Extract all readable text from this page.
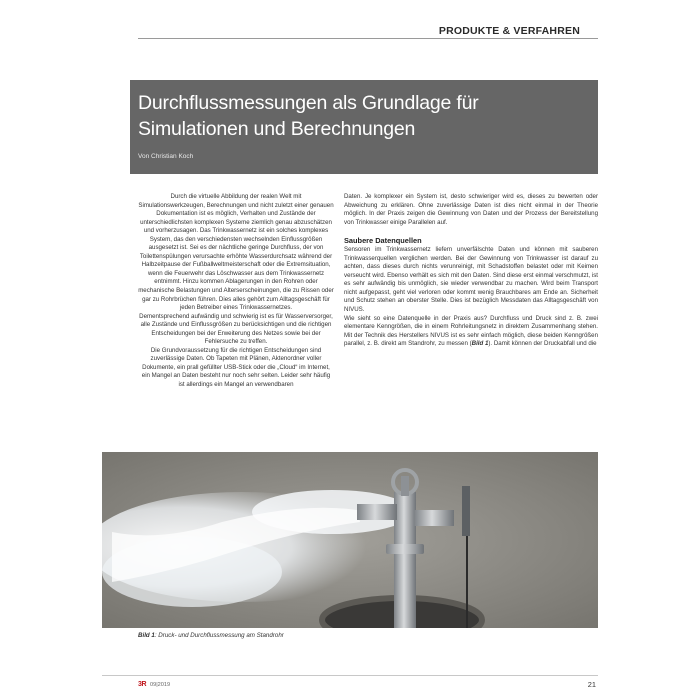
PRODUKTE & VERFAHREN
Durchflussmessungen als Grundlage für Simulationen und Berechnungen
Von Christian Koch

Durch die virtuelle Abbildung der realen Welt mit Simulationswerkzeugen, Berechnungen und nicht zuletzt einer genauen Dokumentation ist es möglich, Verhalten und Zustände der unterschiedlichsten komplexen Systeme ziemlich genau abzuschätzen und vorherzusagen. Das Trinkwassernetz ist ein solches komplexes System, das den verschiedensten wechselnden Einflussgrößen ausgesetzt ist. Sei es der nächtliche geringe Durchfluss, der von Toilettenspülungen verursachte erhöhte Wasserdurchsatz während der Halbzeitpause der Fußballweltmeisterschaft oder die Extremsituation, wenn die Feuerwehr das Löschwasser aus dem Trinkwassernetz entnimmt. Hinzu kommen Ablagerungen in den Rohren oder mechanische Belastungen und Alterserscheinungen, die zu Rissen oder gar zu Rohrbrüchen führen. Dies alles gehört zum Alltagsgeschäft für jeden Betreiber eines Trinkwassernetzes.

Dementsprechend aufwändig und schwierig ist es für Wasserversorger, alle Zustände und Einflussgrößen zu berücksichtigen und die richtigen Entscheidungen bei der Erweiterung des Netzes sowie bei der Fehlersuche zu treffen.

Die Grundvoraussetzung für die richtigen Entscheidungen sind zuverlässige Daten. Ob Tapeten mit Plänen, Aktenordner voller Dokumente, ein prall gefüllter USB-Stick oder die „Cloud“ im Internet, ein Mangel an Daten besteht nur noch sehr selten. Leider sehr häufig ist allerdings ein Mangel an verwendbaren

Daten. Je komplexer ein System ist, desto schwieriger wird es, dieses zu bewerten oder Abweichung zu erklären. Ohne zuverlässige Daten ist dies nicht einmal in der Theorie möglich. In der Praxis zeigen die Gewinnung von Daten und der Prozess der Bereitstellung von Trinkwasser einige Parallelen auf.

Saubere Datenquellen

Sensoren im Trinkwassernetz liefern unverfälschte Daten und können mit sauberen Trinkwasserquellen verglichen werden. Bei der Gewinnung von Trinkwasser ist darauf zu achten, dass dieses durch nichts verunreinigt, mit Schadstoffen belastet oder mit Keimen verseucht wird. Ebenso verhält es sich mit den Daten. Sind diese erst einmal verschmutzt, ist es sehr aufwändig bis unmöglich, sie wieder verwendbar zu machen. Wird beim Transport nicht aufgepasst, geht viel verloren oder kommt wenig Brauchbares am Ende an. Sicherheit und Schutz stehen an oberster Stelle. Dies ist bezüglich Messdaten das Alltagsgeschäft von NIVUS.

Wie sieht so eine Datenquelle in der Praxis aus? Durchfluss und Druck sind z. B. zwei elementare Kenngrößen, die in einem Rohrleitungsnetz in direktem Zusammenhang stehen. Mit der Technik des Herstellers NIVUS ist es sehr einfach möglich, diese beiden Kenngrößen parallel, z. B. direkt am Standrohr, zu messen (Bild 1). Damit können der Druckabfall und die

Bild 1: Druck- und Durchflussmessung am Standrohr
3R 09|2019	21
